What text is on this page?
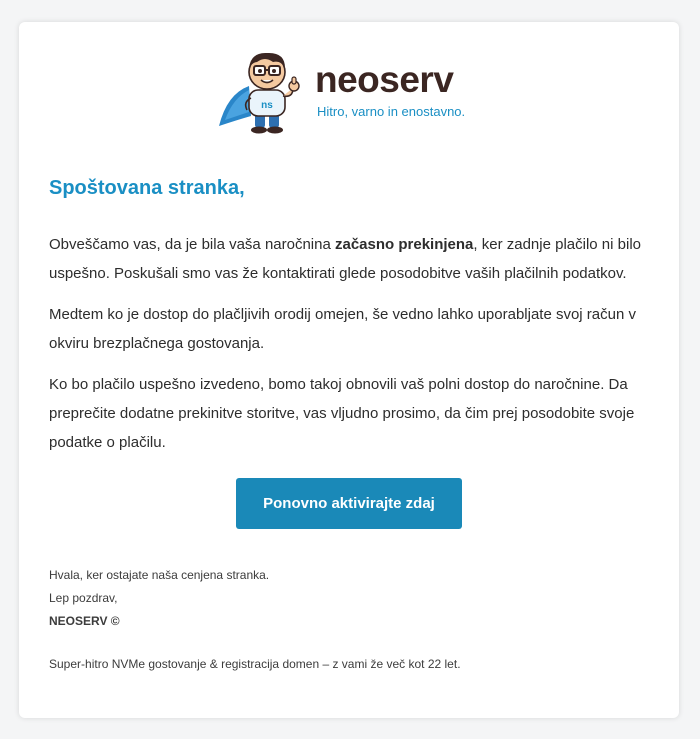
ns
neoserv
Hitro, varno in enostavno.
Spoštovana stranka,

Obveščamo vas, da je bila vaša naročnina začasno prekinjena, ker zadnje plačilo ni bilo uspešno. Poskušali smo vas že kontaktirati glede posodobitve vaših plačilnih podatkov.

Medtem ko je dostop do plačljivih orodij omejen, še vedno lahko uporabljate svoj račun v okviru brezplačnega gostovanja.

Ko bo plačilo uspešno izvedeno, bomo takoj obnovili vaš polni dostop do naročnine. Da preprečite dodatne prekinitve storitve, vas vljudno prosimo, da čim prej posodobite svoje podatke o plačilu.

Ponovno aktivirajte zdaj

Hvala, ker ostajate naša cenjena stranka.

Lep pozdrav,

NEOSERV ©

Super-hitro NVMe gostovanje & registracija domen – z vami že več kot 22 let.
